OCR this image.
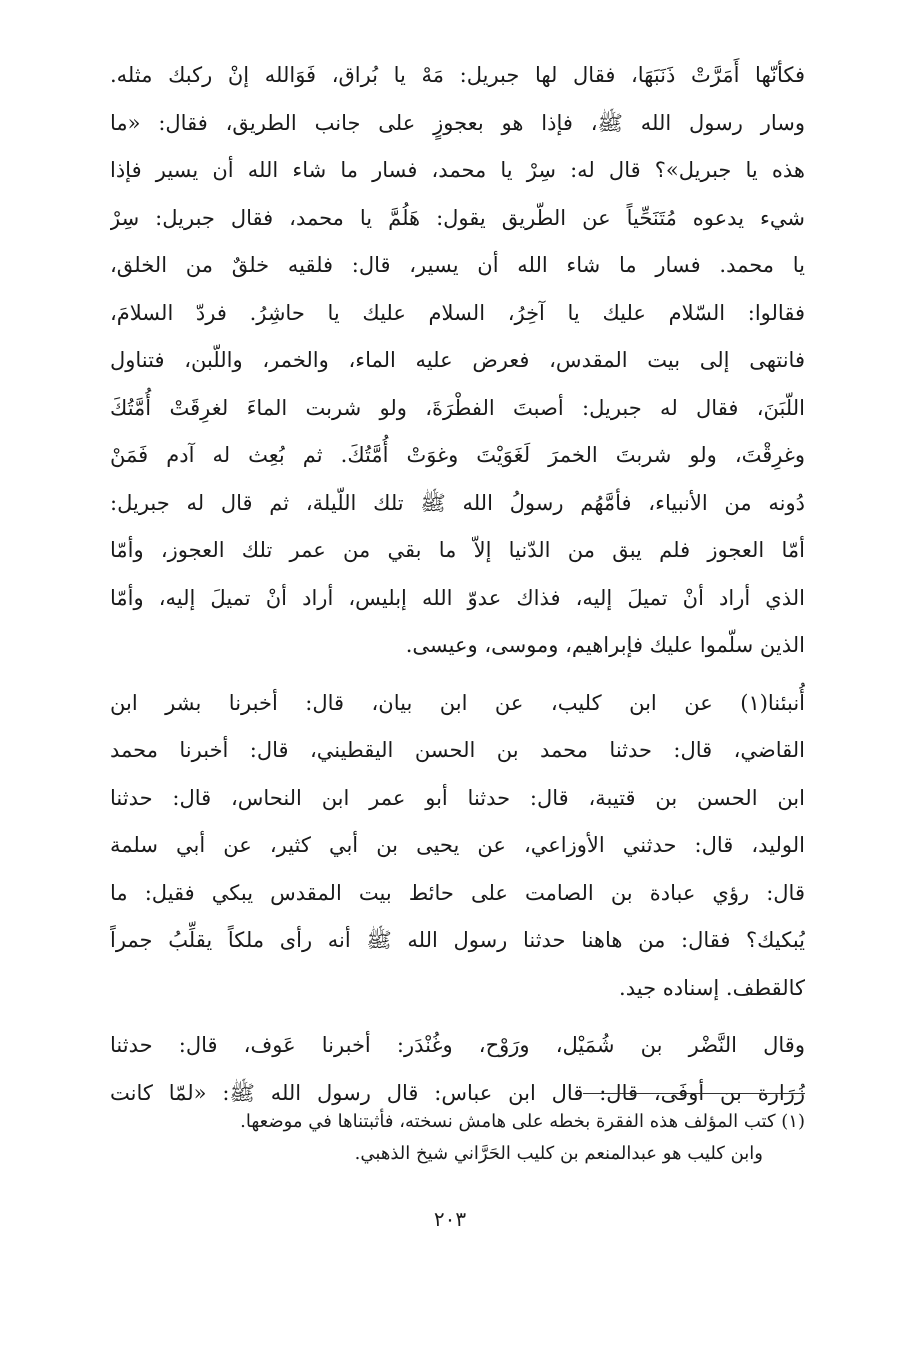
فكأنّها أَمَرَّتْ ذَنَبَهَا، فقال لها جبريل: مَهْ يا بُراق، فَوَالله إنْ ركبك مثله.
وسار رسول الله ﷺ، فإذا هو بعجوزٍ على جانب الطريق، فقال: «ما
هذه يا جبريل»؟ قال له: سِرْ يا محمد، فسار ما شاء الله أن يسير فإذا
شيء يدعوه مُتَنَحِّياً عن الطّريق يقول: هَلُمَّ يا محمد، فقال جبريل: سِرْ
يا محمد. فسار ما شاء الله أن يسير، قال: فلقيه خلقٌ من الخلق،
فقالوا: السّلام عليك يا آخِرُ، السلام عليك يا حاشِرُ. فردّ السلامَ،
فانتهى إلى بيت المقدس، فعرض عليه الماء، والخمر، واللّبن، فتناول
اللّبَنَ، فقال له جبريل: أصبتَ الفطْرَةَ، ولو شربت الماءَ لغرِقَتْ أُمَّتُكَ
وغرِقْتَ، ولو شربتَ الخمرَ لَغَوَيْتَ وغوَتْ أُمَّتُكَ. ثم بُعِث له آدم فَمَنْ
دُونه من الأنبياء، فأمَّهُم رسولُ الله ﷺ تلك اللّيلة، ثم قال له جبريل:
أمّا العجوز فلم يبق من الدّنيا إلاّ ما بقي من عمر تلك العجوز، وأمّا
الذي أراد أنْ تميلَ إليه، فذاك عدوّ الله إبليس، أراد أنْ تميلَ إليه، وأمّا
الذين سلّموا عليك فإبراهيم، وموسى، وعيسى.
أُنبئنا(١) عن ابن كليب، عن ابن بيان، قال: أخبرنا بشر ابن
القاضي، قال: حدثنا محمد بن الحسن اليقطيني، قال: أخبرنا محمد
ابن الحسن بن قتيبة، قال: حدثنا أبو عمر ابن النحاس، قال: حدثنا
الوليد، قال: حدثني الأوزاعي، عن يحيى بن أبي كثير، عن أبي سلمة
قال: رؤي عبادة بن الصامت على حائط بيت المقدس يبكي فقيل: ما
يُبكيك؟ فقال: من هاهنا حدثنا رسول الله ﷺ أنه رأى ملكاً يقلِّبُ جمراً
كالقطف. إسناده جيد.
وقال النَّضْر بن شُمَيْل، ورَوْح، وغُنْدَر: أخبرنا عَوف، قال: حدثنا
زُرَارة بن أوفَى، قال: قال ابن عباس: قال رسول الله ﷺ: «لمّا كانت
(١) كتب المؤلف هذه الفقرة بخطه على هامش نسخته، فأثبتناها في موضعها.
وابن كليب هو عبدالمنعم بن كليب الحَرَّاني شيخ الذهبي.
٢٠٣
